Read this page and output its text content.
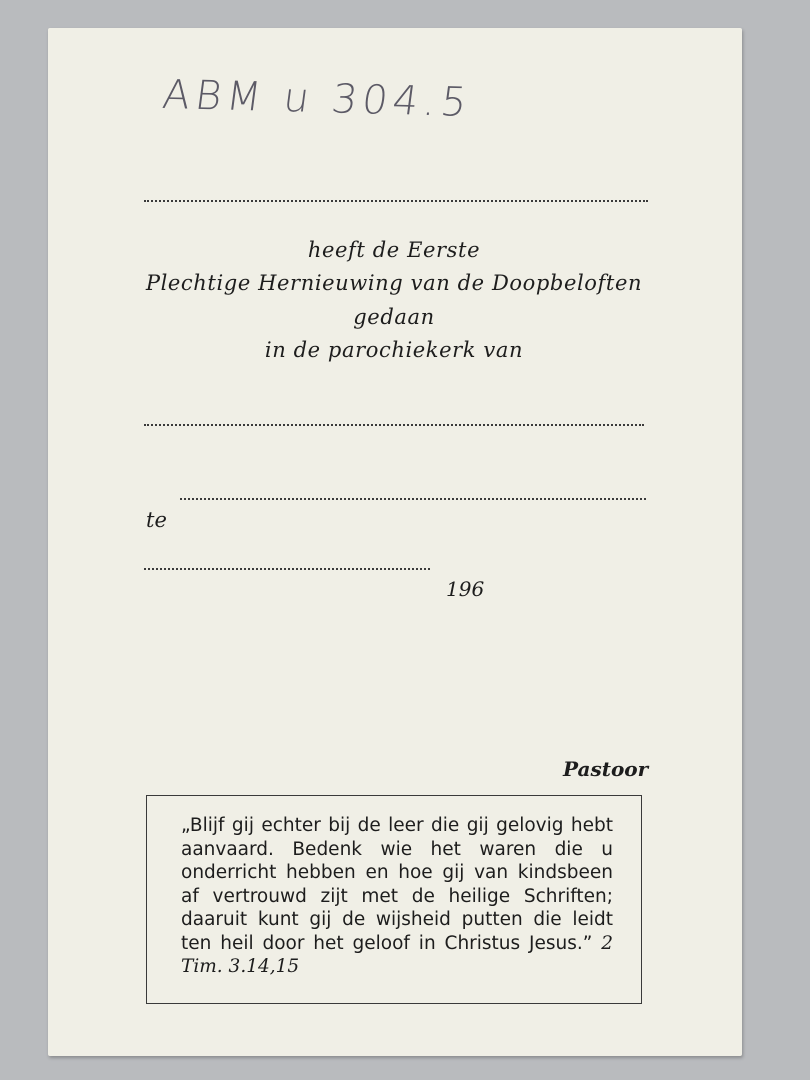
ABM u 304.5
heeft de Eerste
Plechtige Hernieuwing van de Doopbeloften
gedaan
in de parochiekerk van
te
196
Pastoor
„Blijf gij echter bij de leer die gij gelovig hebt aanvaard. Bedenk wie het waren die u onderricht hebben en hoe gij van kindsbeen af vertrouwd zijt met de heilige Schriften; daaruit kunt gij de wijsheid putten die leidt ten heil door het geloof in Christus Jesus.” 2 Tim. 3.14,15
